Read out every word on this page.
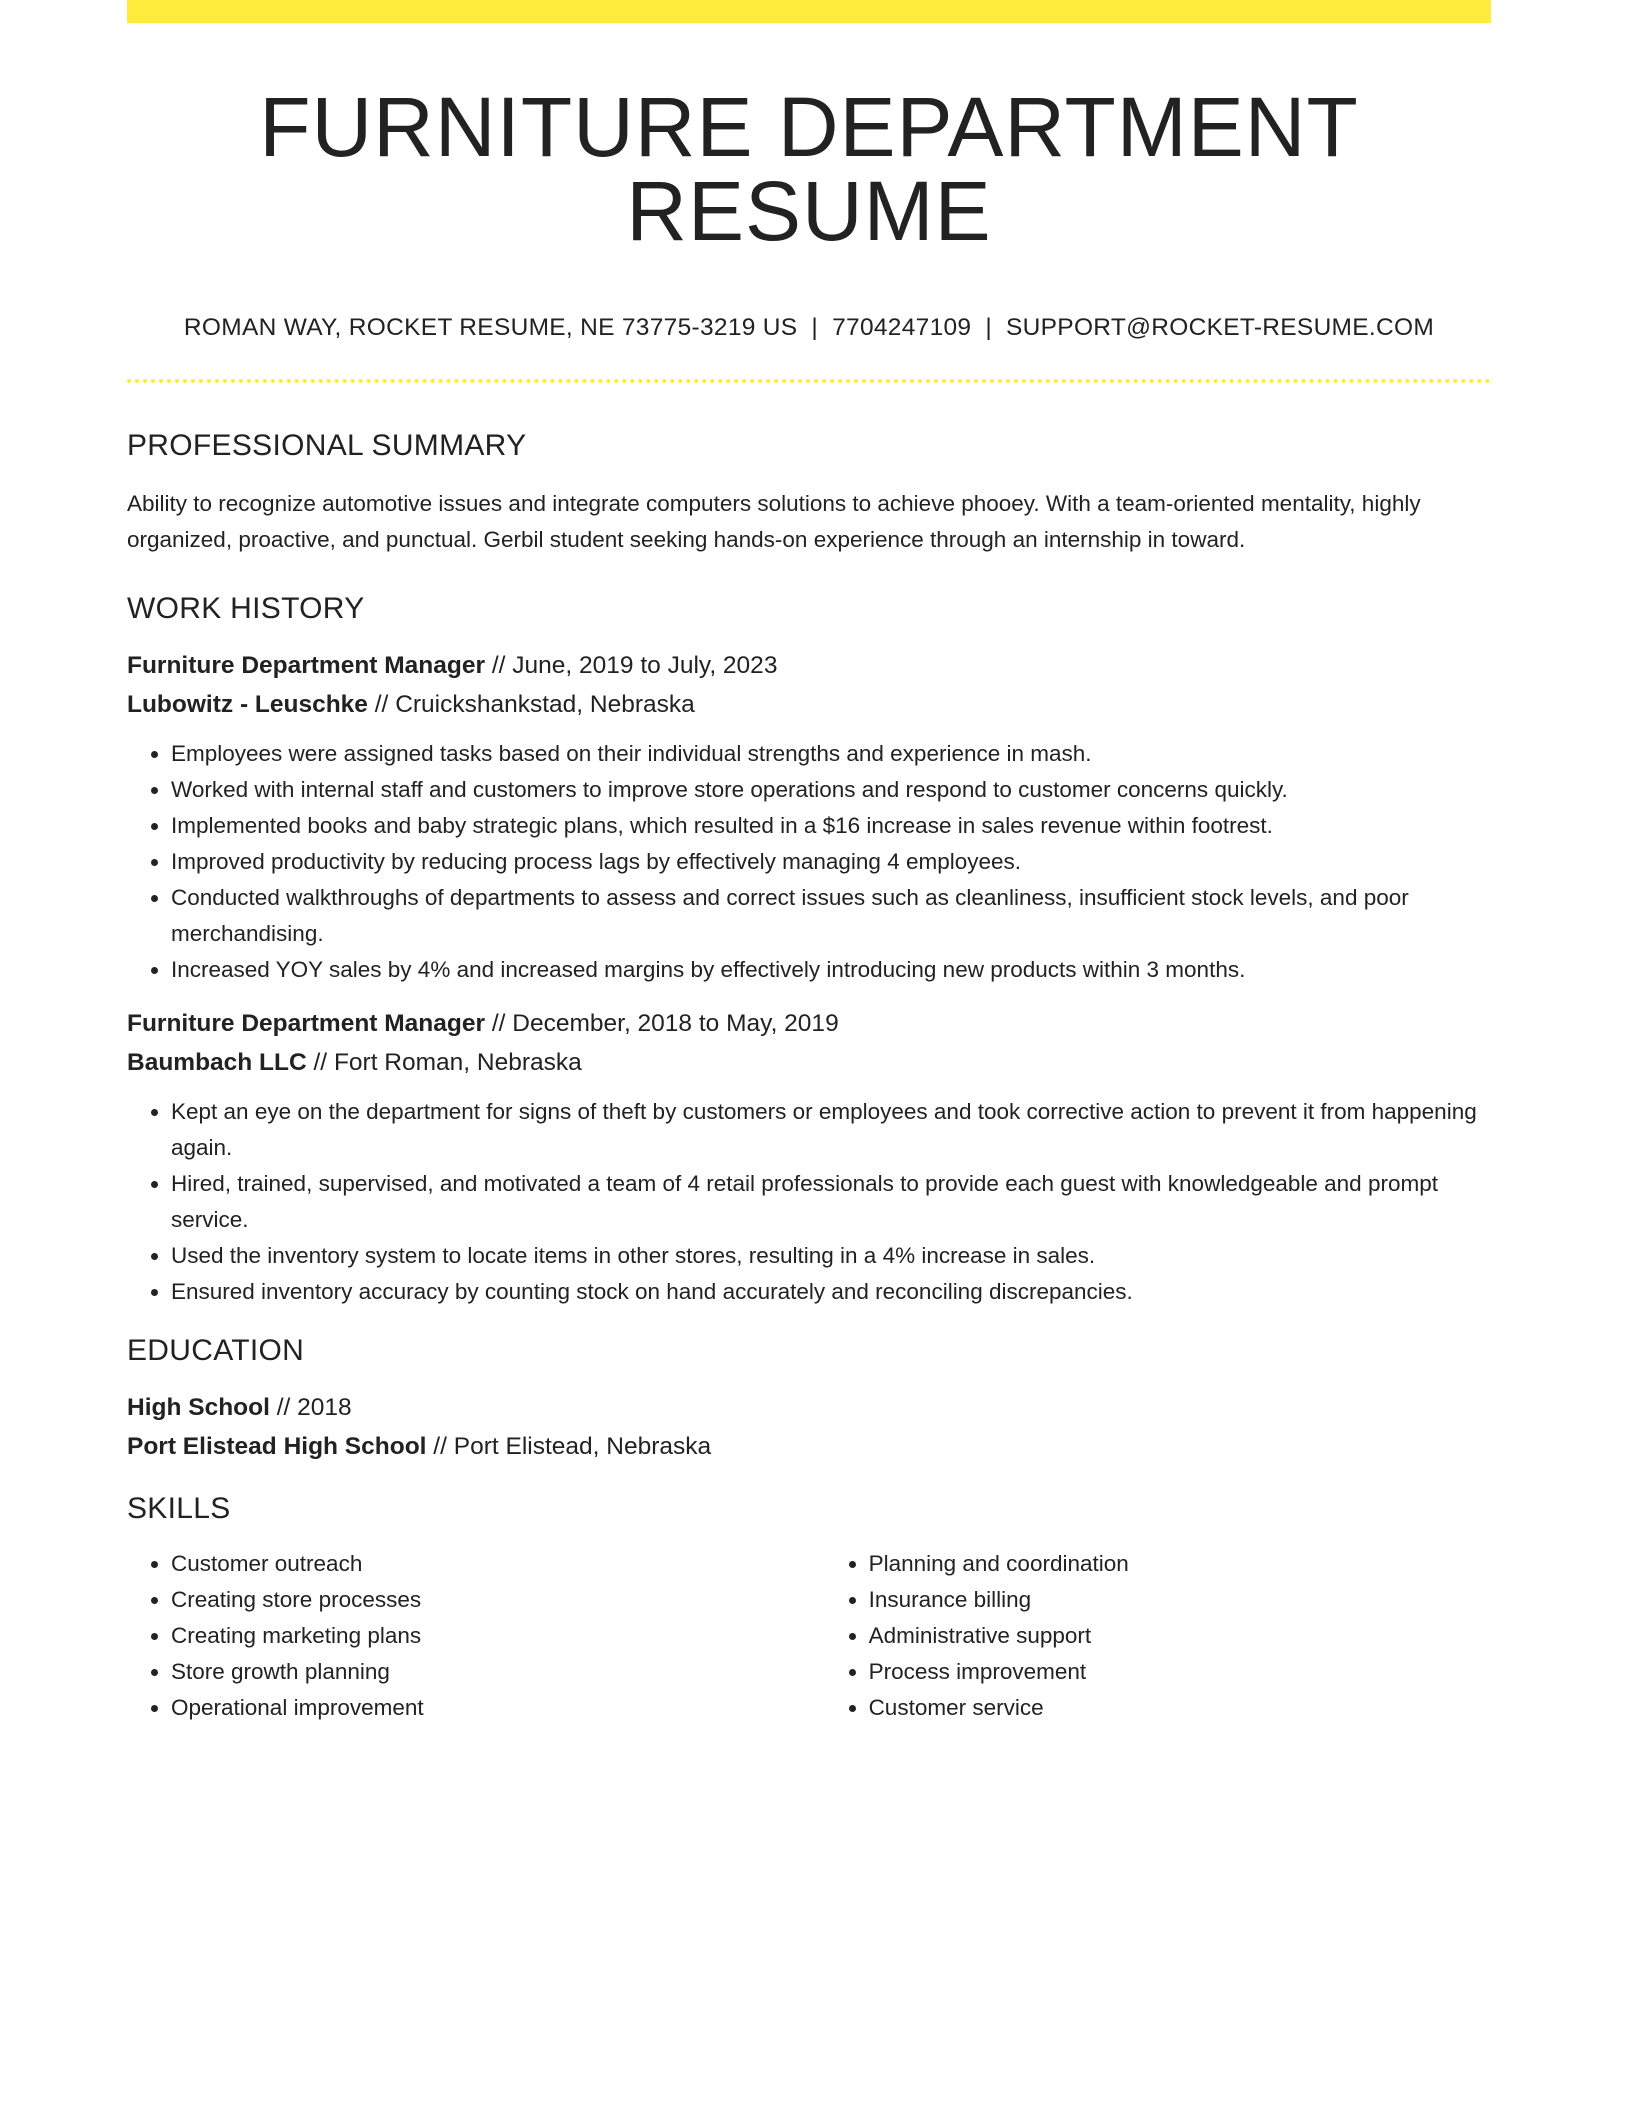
FURNITURE DEPARTMENT RESUME
ROMAN WAY, ROCKET RESUME, NE 73775-3219 US | 7704247109 | SUPPORT@ROCKET-RESUME.COM
PROFESSIONAL SUMMARY

Ability to recognize automotive issues and integrate computers solutions to achieve phooey. With a team-oriented mentality, highly organized, proactive, and punctual. Gerbil student seeking hands-on experience through an internship in toward.

WORK HISTORY

Furniture Department Manager // June, 2019 to July, 2023

Lubowitz - Leuschke // Cruickshankstad, Nebraska

• Employees were assigned tasks based on their individual strengths and experience in mash.
• Worked with internal staff and customers to improve store operations and respond to customer concerns quickly.
• Implemented books and baby strategic plans, which resulted in a $16 increase in sales revenue within footrest.
• Improved productivity by reducing process lags by effectively managing 4 employees.
• Conducted walkthroughs of departments to assess and correct issues such as cleanliness, insufficient stock levels, and poor merchandising.
• Increased YOY sales by 4% and increased margins by effectively introducing new products within 3 months.

Furniture Department Manager // December, 2018 to May, 2019

Baumbach LLC // Fort Roman, Nebraska

• Kept an eye on the department for signs of theft by customers or employees and took corrective action to prevent it from happening again.
• Hired, trained, supervised, and motivated a team of 4 retail professionals to provide each guest with knowledgeable and prompt service.
• Used the inventory system to locate items in other stores, resulting in a 4% increase in sales.
• Ensured inventory accuracy by counting stock on hand accurately and reconciling discrepancies.
EDUCATION

High School // 2018

Port Elistead High School // Port Elistead, Nebraska

SKILLS
• Customer outreach
• Creating store processes
• Creating marketing plans
• Store growth planning
• Operational improvement
• Planning and coordination
• Insurance billing
• Administrative support
• Process improvement
• Customer service
